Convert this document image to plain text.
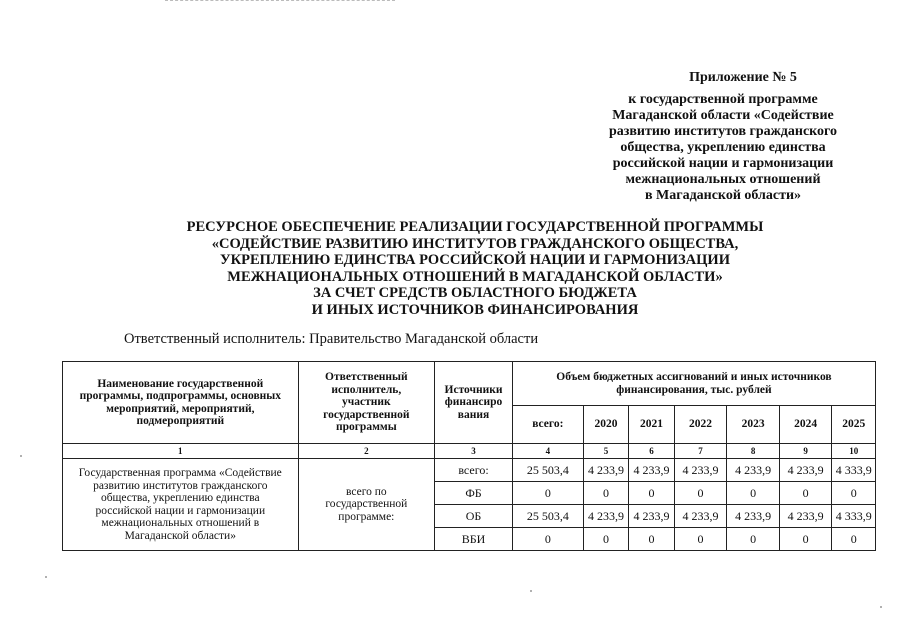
Приложение № 5
к государственной программе
Магаданской области «Содействие
развитию институтов гражданского
общества, укреплению единства
российской нации и гармонизации
межнациональных отношений
в Магаданской области»
РЕСУРСНОЕ ОБЕСПЕЧЕНИЕ РЕАЛИЗАЦИИ ГОСУДАРСТВЕННОЙ ПРОГРАММЫ
«СОДЕЙСТВИЕ РАЗВИТИЮ ИНСТИТУТОВ ГРАЖДАНСКОГО ОБЩЕСТВА,
УКРЕПЛЕНИЮ ЕДИНСТВА РОССИЙСКОЙ НАЦИИ И ГАРМОНИЗАЦИИ
МЕЖНАЦИОНАЛЬНЫХ ОТНОШЕНИЙ В МАГАДАНСКОЙ ОБЛАСТИ»
ЗА СЧЕТ СРЕДСТВ ОБЛАСТНОГО БЮДЖЕТА
И ИНЫХ ИСТОЧНИКОВ ФИНАНСИРОВАНИЯ
Ответственный исполнитель: Правительство Магаданской области
Наименование государственной программы, подпрограммы, основных мероприятий, мероприятий, подмероприятий	Ответственный исполнитель, участник государственной программы	Источники финансиро вания	Объем бюджетных ассигнований и иных источников финансирования, тыс. рублей						
			всего:	2020	2021	2022	2023	2024	2025
1	2	3	4	5	6	7	8	9	10
Государственная программа «Содействие развитию институтов гражданского общества, укреплению единства российской нации и гармонизации межнациональных отношений в Магаданской области»	всего по государственной программе:	всего:	25 503,4	4 233,9	4 233,9	4 233,9	4 233,9	4 233,9	4 333,9
		ФБ	0	0	0	0	0	0	0
		ОБ	25 503,4	4 233,9	4 233,9	4 233,9	4 233,9	4 233,9	4 333,9
		ВБИ	0	0	0	0	0	0	0
